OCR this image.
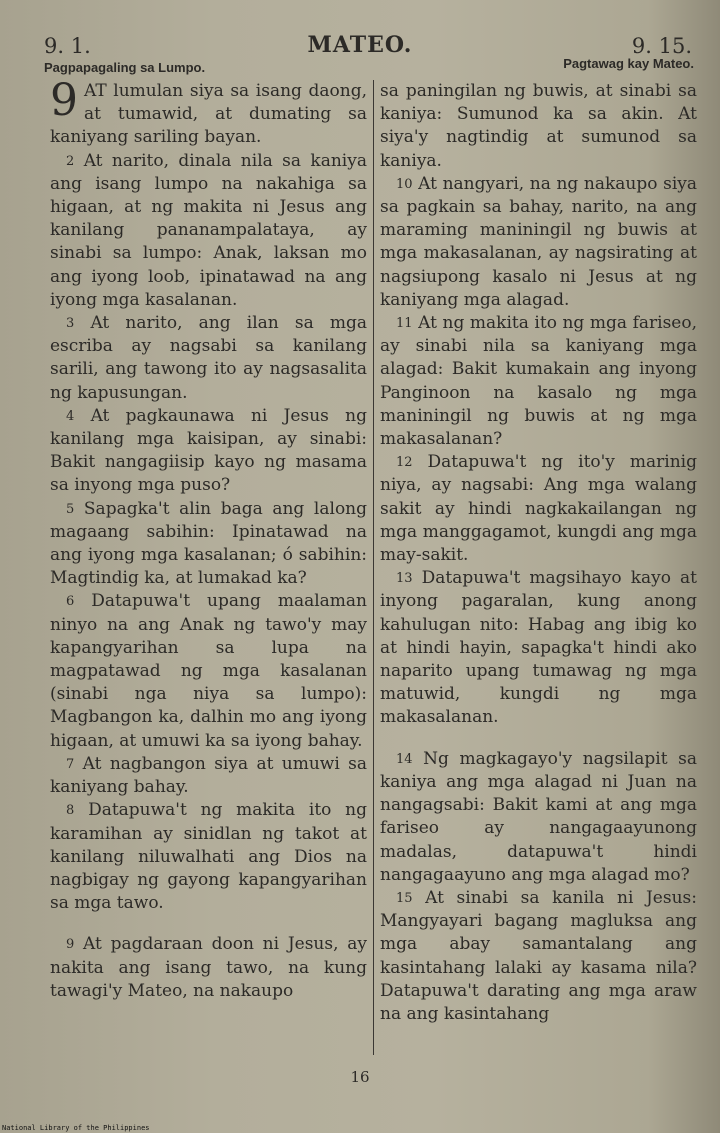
9. 1.	MATEO.	9. 15.
Pagpapagaling sa Lumpo.	Pagtawag kay Mateo.

9 AT lumulan siya sa isang daong, at tumawid, at dumating sa kaniyang sariling bayan.

$^2$ At narito, dinala nila sa kaniya ang isang lumpo na nakahiga sa higaan, at ng makita ni Jesus ang kanilang pananampalataya, ay sinabi sa lumpo: Anak, laksan mo ang iyong loob, ipinatawad na ang iyong mga kasalanan.

$^3$ At narito, ang ilan sa mga escriba ay nagsabi sa kanilang sarili, ang tawong ito ay nagsasalita ng kapusungan.

$^4$ At pagkaunawa ni Jesus ng kanilang mga kaisipan, ay sinabi: Bakit nangagiisip kayo ng masama sa inyong mga puso?

$^5$ Sapagka't alin baga ang lalong magaang sabihin: Ipinatawad na ang iyong mga kasalanan; ó sabihin: Magtindig ka, at lumakad ka?

$^6$ Datapuwa't upang maalaman ninyo na ang Anak ng tawo'y may kapangyarihan sa lupa na magpatawad ng mga kasalanan (sinabi nga niya sa lumpo): Magbangon ka, dalhin mo ang iyong higaan, at umuwi ka sa iyong bahay.

$^7$ At nagbangon siya at umuwi sa kaniyang bahay.

$^8$ Datapuwa't ng makita ito ng karamihan ay sinidlan ng takot at kanilang niluwalhati ang Dios na nagbigay ng gayong kapangyarihan sa mga tawo.

$^9$ At pagdaraan doon ni Jesus, ay nakita ang isang tawo, na kung tawagi'y Mateo, na nakaupo

sa paningilan ng buwis, at sinabi sa kaniya: Sumunod ka sa akin. At siya'y nagtindig at sumunod sa kaniya.

$^{10}$ At nangyari, na ng nakaupo siya sa pagkain sa bahay, narito, na ang maraming maniningil ng buwis at mga makasalanan, ay nagsirating at nagsiupong kasalo ni Jesus at ng kaniyang mga alagad.

$^{11}$ At ng makita ito ng mga fariseo, ay sinabi nila sa kaniyang mga alagad: Bakit kumakain ang inyong Panginoon na kasalo ng mga maniningil ng buwis at ng mga makasalanan?

$^{12}$ Datapuwa't ng ito'y marinig niya, ay nagsabi: Ang mga walang sakit ay hindi nagkakailangan ng mga manggagamot, kungdi ang mga may-sakit.

$^{13}$ Datapuwa't magsihayo kayo at inyong pagaralan, kung anong kahulugan nito: Habag ang ibig ko at hindi hayin, sapagka't hindi ako naparito upang tumawag ng mga matuwid, kungdi ng mga makasalanan.

$^{14}$ Ng magkagayo'y nagsilapit sa kaniya ang mga alagad ni Juan na nangagsabi: Bakit kami at ang mga fariseo ay nangagaayunong madalas, datapuwa't hindi nangagaayuno ang mga alagad mo?

$^{15}$ At sinabi sa kanila ni Jesus: Mangyayari bagang magluksa ang mga abay samantalang ang kasintahang lalaki ay kasama nila? Datapuwa't darating ang mga araw na ang kasintahang

16
National Library of the Philippines
